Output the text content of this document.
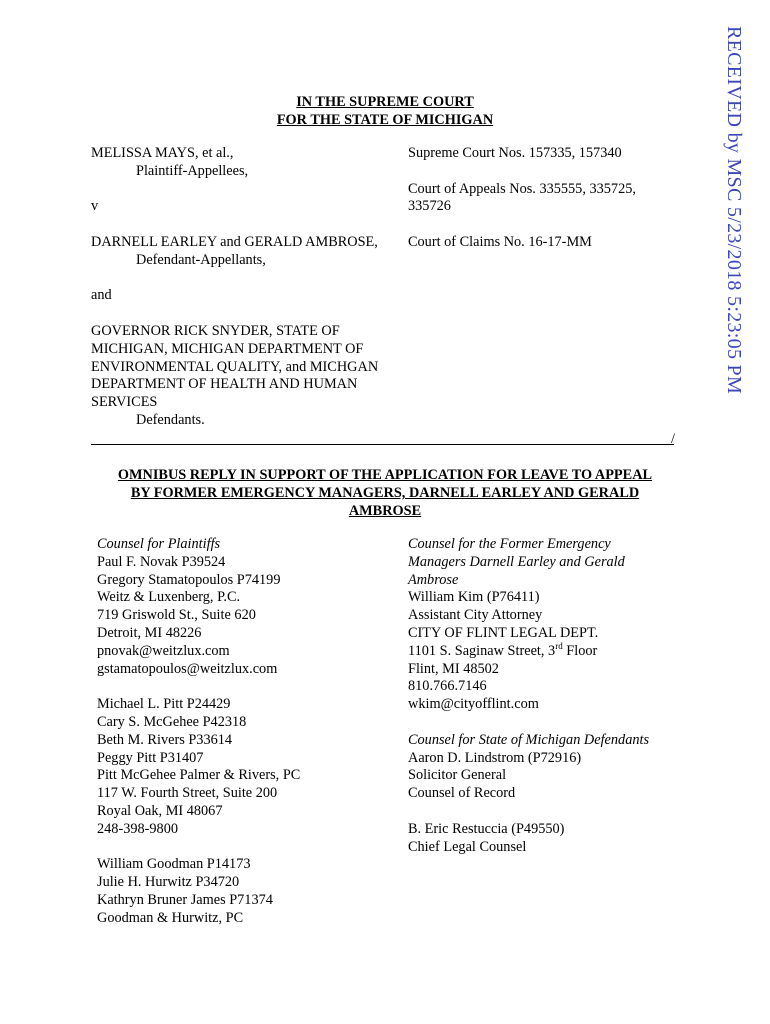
RECEIVED by MSC 5/23/2018 5:23:05 PM
IN THE SUPREME COURT
FOR THE STATE OF MICHIGAN
MELISSA MAYS, et al.,
Plaintiff-Appellees,
v
DARNELL EARLEY and GERALD AMBROSE,
Defendant-Appellants,
and
GOVERNOR RICK SNYDER, STATE OF
MICHIGAN, MICHIGAN DEPARTMENT OF
ENVIRONMENTAL QUALITY, and MICHGAN
DEPARTMENT OF HEALTH AND HUMAN
SERVICES
Defendants.
Supreme Court Nos. 157335, 157340
Court of Appeals Nos. 335555, 335725,
335726
Court of Claims No. 16-17-MM
/
OMNIBUS REPLY IN SUPPORT OF THE APPLICATION FOR LEAVE TO APPEAL
BY FORMER EMERGENCY MANAGERS, DARNELL EARLEY AND GERALD
AMBROSE
Counsel for Plaintiffs
Paul F. Novak P39524
Gregory Stamatopoulos P74199
Weitz & Luxenberg, P.C.
719 Griswold St., Suite 620
Detroit, MI 48226
pnovak@weitzlux.com
gstamatopoulos@weitzlux.com
Michael L. Pitt P24429
Cary S. McGehee P42318
Beth M. Rivers P33614
Peggy Pitt P31407
Pitt McGehee Palmer & Rivers, PC
117 W. Fourth Street, Suite 200
Royal Oak, MI 48067
248-398-9800
William Goodman P14173
Julie H. Hurwitz P34720
Kathryn Bruner James P71374
Goodman & Hurwitz, PC
Counsel for the Former Emergency
Managers Darnell Earley and Gerald
Ambrose
William Kim (P76411)
Assistant City Attorney
CITY OF FLINT LEGAL DEPT.
1101 S. Saginaw Street, 3rd Floor
Flint, MI 48502
810.766.7146
wkim@cityofflint.com
Counsel for State of Michigan Defendants
Aaron D. Lindstrom (P72916)
Solicitor General
Counsel of Record
B. Eric Restuccia (P49550)
Chief Legal Counsel
